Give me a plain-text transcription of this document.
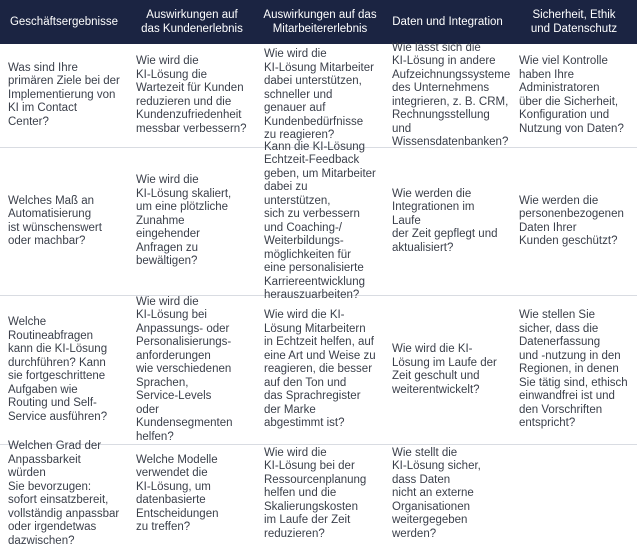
Geschäftsergebnisse
Auswirkungen auf
das Kundenerlebnis
Auswirkungen auf das
Mitarbeitererlebnis
Daten und Integration
Sicherheit, Ethik
und Datenschutz
Was sind Ihre
primären Ziele bei der
Implementierung von
KI im Contact Center?
Wie wird die
KI-Lösung die
Wartezeit für Kunden
reduzieren und die
Kundenzufriedenheit
messbar verbessern?
Wie wird die
KI-Lösung Mitarbeiter
dabei unterstützen,
schneller und
genauer auf
Kundenbedürfnisse
zu reagieren?
Wie lässt sich die
KI-Lösung in andere
Aufzeichnungssysteme
des Unternehmens
integrieren, z. B. CRM,
Rechnungsstellung und
Wissensdatenbanken?
Wie viel Kontrolle
haben Ihre
Administratoren
über die Sicherheit,
Konfiguration und
Nutzung von Daten?
Welches Maß an
Automatisierung
ist wünschenswert
oder machbar?
Wie wird die
KI-Lösung skaliert,
um eine plötzliche
Zunahme eingehender
Anfragen zu
bewältigen?
Kann die KI-Lösung
Echtzeit-Feedback
geben, um Mitarbeiter
dabei zu unterstützen,
sich zu verbessern
und Coaching-/
Weiterbildungs-
möglichkeiten für
eine personalisierte
Karriereentwicklung
herauszuarbeiten?
Wie werden die
Integrationen im Laufe
der Zeit gepflegt und
aktualisiert?
Wie werden die
personenbezogenen
Daten Ihrer
Kunden geschützt?
Welche
Routineabfragen
kann die KI-Lösung
durchführen? Kann
sie fortgeschrittene
Aufgaben wie
Routing und Self-
Service ausführen?
Wie wird die
KI-Lösung bei
Anpassungs- oder
Personalisierungs-
anforderungen
wie verschiedenen
Sprachen,
Service-Levels
oder
Kundensegmenten
helfen?
Wie wird die KI-
Lösung Mitarbeitern
in Echtzeit helfen, auf
eine Art und Weise zu
reagieren, die besser
auf den Ton und
das Sprachregister
der Marke
abgestimmt ist?
Wie wird die KI-
Lösung im Laufe der
Zeit geschult und
weiterentwickelt?
Wie stellen Sie
sicher, dass die
Datenerfassung
und -nutzung in den
Regionen, in denen
Sie tätig sind, ethisch
einwandfrei ist und
den Vorschriften
entspricht?
Welchen Grad der
Anpassbarkeit würden
Sie bevorzugen:
sofort einsatzbereit,
vollständig anpassbar
oder irgendetwas
dazwischen?
Welche Modelle
verwendet die
KI-Lösung, um
datenbasierte
Entscheidungen
zu treffen?
Wie wird die
KI-Lösung bei der
Ressourcenplanung
helfen und die
Skalierungskosten
im Laufe der Zeit
reduzieren?
Wie stellt die
KI-Lösung sicher,
dass Daten
nicht an externe
Organisationen
weitergegeben
werden?
